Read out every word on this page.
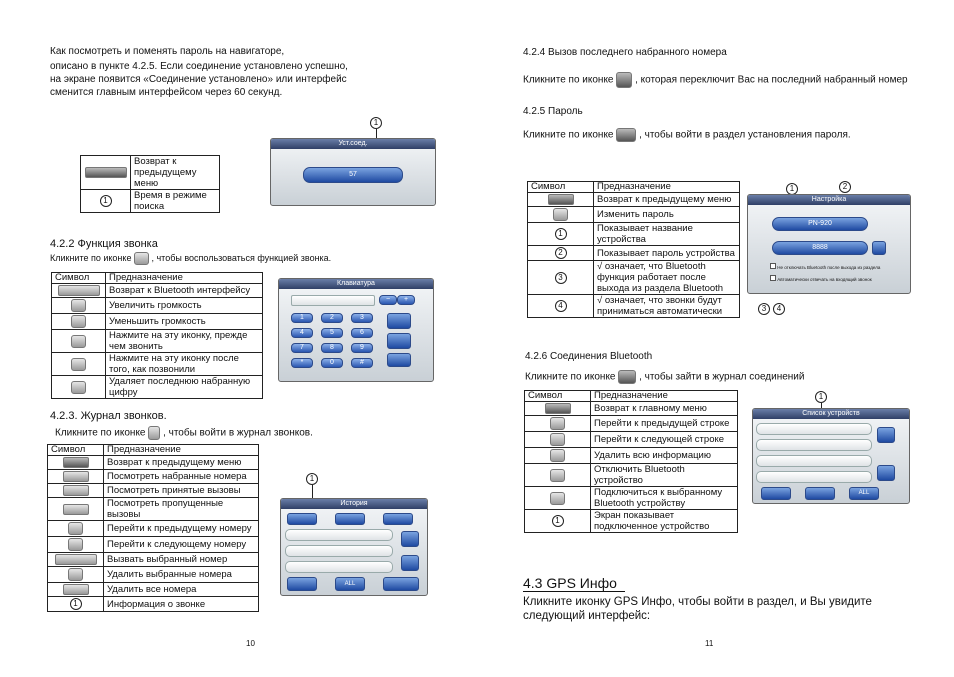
Как посмотреть и поменять пароль на навигаторе,
описано в пункте 4.2.5. Если соединение установлено успешно,
на экране появится «Соединение установлено» или интерфейс
сменится главным интерфейсом через 60 секунд.
	Возврат к предыдущему меню
1	Время в режиме поиска
1
Уст.соед.
57
4.2.2 Функция звонка
Кликните по иконке , чтобы воспользоваться функцией звонка.
Символ	Предназначение
	Возврат к Bluetooth интерфейсу
	Увеличить громкость
	Уменьшить громкость
	Нажмите на эту иконку, прежде чем звонить
	Нажмите на эту иконку после того, как позвонили
	Удаляет последнюю набранную цифру
Клавиатура
−	+
1	2	3
4	5	6
7	8	9
*	0	#
4.2.3. Журнал звонков.
Кликните по иконке , чтобы войти в журнал звонков.
Символ	Предназначение
	Возврат к предыдущему меню
	Посмотреть набранные номера
	Посмотреть принятые вызовы
	Посмотреть пропущенные вызовы
	Перейти к предыдущему номеру
	Перейти к следующему номеру
	Вызвать выбранный номер
	Удалить выбранные номера
	Удалить все номера
1	Информация о звонке
1
История
ALL
10
4.2.4 Вызов последнего набранного номера
Кликните по иконке , которая переключит Вас на последний набранный номер
4.2.5 Пароль
Кликните по иконке	, чтобы войти в раздел установления пароля.
Символ	Предназначение
	Возврат к предыдущему меню
	Изменить пароль
1	Показывает название устройства
2	Показывает пароль устройства
3	√ означает, что Bluetooth функция работает после выхода из раздела Bluetooth
4	√ означает, что звонки будут приниматься автоматически
1	2
Настройка
PN-920
8888
Не отключать Bluetooth после выхода из раздела
Автоматически отвечать на входящий звонок
3	4
4.2.6 Соединения Bluetooth
Кликните по иконке , чтобы зайти в журнал соединений
Символ	Предназначение
	Возврат к главному меню
	Перейти к предыдущей строке
	Перейти к следующей строке
	Удалить всю информацию
	Отключить Bluetooth устройство
	Подключиться к выбранному Bluetooth устройству
1	Экран показывает подключенное устройство
1
Список устройств
ALL
4.3 GPS Инфо
Кликните иконку GPS Инфо, чтобы войти в раздел, и Вы увидите
следующий интерфейс:
11
